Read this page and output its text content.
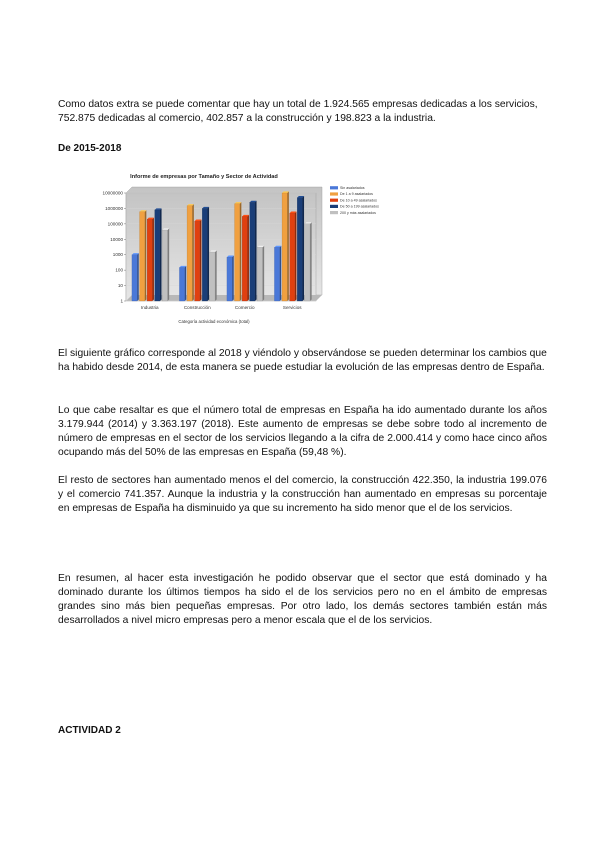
Como datos extra se puede comentar que hay un total de 1.924.565 empresas dedicadas a los servicios, 752.875 dedicadas al comercio, 402.857 a la construcción y 198.823 a la industria.

De 2015-2018
Informe de empresas por Tamaño y Sector de Actividad
1
10
100
1000
10000
100000
1000000
10000000
Industria	Construcción	Comercio	Servicios
Sin asalariados
De 1 a 9 asalariados
De 10 a 49 asalariados
De 50 a 199 asalariados
200 y más asalariados
Categoría actividad económica (total)

El siguiente gráfico corresponde al 2018 y viéndolo y observándose se pueden determinar los cambios que ha habido desde 2014, de esta manera se puede estudiar la evolución de las empresas dentro de España.

Lo que cabe resaltar es que el número total de empresas en España ha ido aumentado durante los años 3.179.944 (2014) y 3.363.197 (2018). Este aumento de empresas se debe sobre todo al incremento de número de empresas en el sector de los servicios llegando a la cifra de 2.000.414 y como hace cinco años ocupando más del 50% de las empresas en España (59,48 %).

El resto de sectores han aumentado menos el del comercio, la construcción 422.350, la industria 199.076 y el comercio 741.357. Aunque la industria y la construcción han aumentado en empresas su porcentaje en empresas de España ha disminuido ya que su incremento ha sido menor que el de los servicios.

En resumen, al hacer esta investigación he podido observar que el sector que está dominado y ha dominado durante los últimos tiempos ha sido el de los servicios pero no en el ámbito de empresas grandes sino más bien pequeñas empresas. Por otro lado, los demás sectores también están más desarrollados a nivel micro empresas pero a menor escala que el de los servicios.

ACTIVIDAD 2
